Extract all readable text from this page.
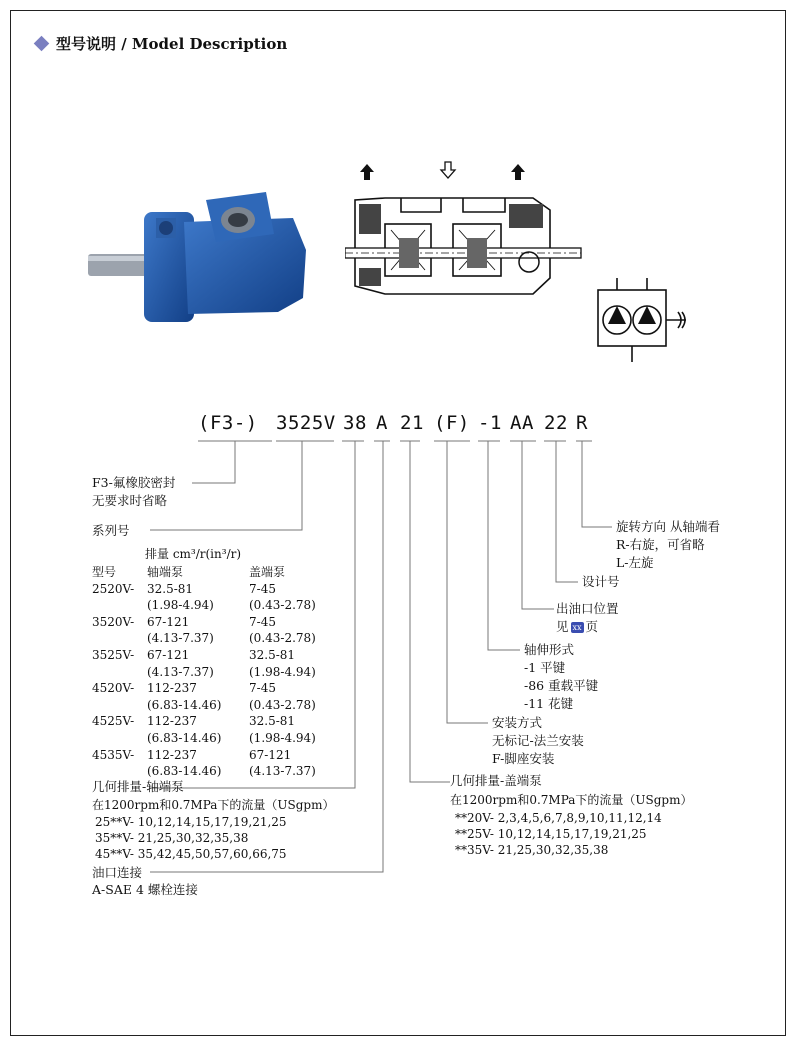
型号说明 / Model Description
(F3-) 3525V 38 A 21 (F) -1 AA 22 R
F3-氟橡胶密封
无要求时省略
系列号
排量 cm³/r(in³/r)
型号	轴端泵	盖端泵
2520V-	32.5-81	7-45
	(1.98-4.94)	(0.43-2.78)
3520V-	67-121	7-45
	(4.13-7.37)	(0.43-2.78)
3525V-	67-121	32.5-81
	(4.13-7.37)	(1.98-4.94)
4520V-	112-237	7-45
	(6.83-14.46)	(0.43-2.78)
4525V-	112-237	32.5-81
	(6.83-14.46)	(1.98-4.94)
4535V-	112-237	67-121
	(6.83-14.46)	(4.13-7.37)
几何排量-轴端泵
在1200rpm和0.7MPa下的流量（USgpm）
25**V- 10,12,14,15,17,19,21,25
35**V- 21,25,30,32,35,38
45**V- 35,42,45,50,57,60,66,75
油口连接
A-SAE 4 螺栓连接
几何排量-盖端泵
在1200rpm和0.7MPa下的流量（USgpm）
**20V- 2,3,4,5,6,7,8,9,10,11,12,14
**25V- 10,12,14,15,17,19,21,25
**35V- 21,25,30,32,35,38
安装方式
无标记-法兰安装
F-脚座安装
轴伸形式
-1 平键
-86 重载平键
-11 花键
出油口位置
见 xx 页
设计号
旋转方向 从轴端看
R-右旋，可省略
L-左旋
